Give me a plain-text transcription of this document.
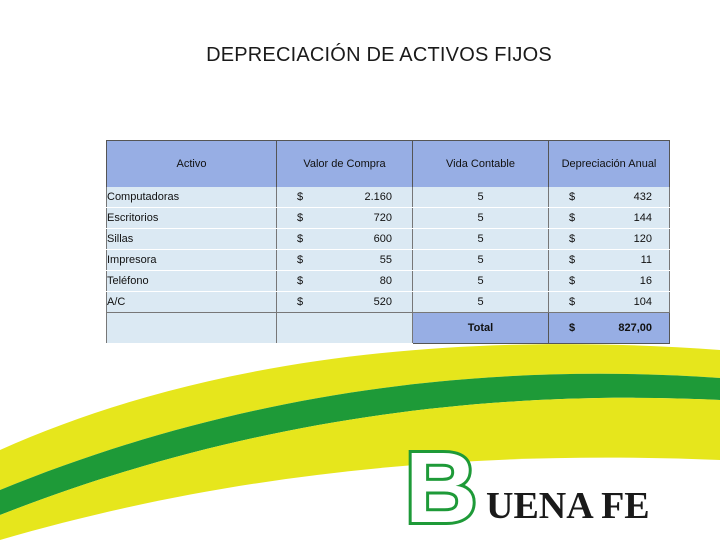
DEPRECIACIÓN DE ACTIVOS FIJOS
Activo	Valor de Compra	Vida Contable	Depreciación Anual
Computadoras	$ 2.160	5	$ 432

Escritorios	$ 720	5	$ 144

Sillas	$ 600	5	$ 120

Impresora	$ 55	5	$ 11

Teléfono	$ 80	5	$ 16

A/C	$ 520	5	$ 104

		Total	$ 827,00
B UENA FE
